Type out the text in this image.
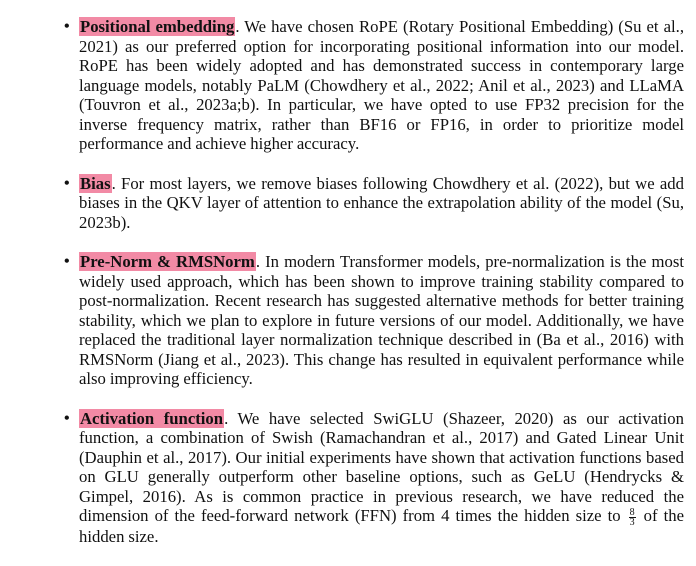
• Positional embedding. We have chosen RoPE (Rotary Positional Embedding) (Su et al., 2021) as our preferred option for incorporating positional information into our model. RoPE has been widely adopted and has demonstrated success in contemporary large language models, notably PaLM (Chowdhery et al., 2022; Anil et al., 2023) and LLaMA (Touvron et al., 2023a;b). In particular, we have opted to use FP32 precision for the inverse frequency matrix, rather than BF16 or FP16, in order to prioritize model performance and achieve higher accuracy.
• Bias. For most layers, we remove biases following Chowdhery et al. (2022), but we add biases in the QKV layer of attention to enhance the extrapolation ability of the model (Su, 2023b).
• Pre-Norm & RMSNorm. In modern Transformer models, pre-normalization is the most widely used approach, which has been shown to improve training stability compared to post-normalization. Recent research has suggested alternative methods for better training stability, which we plan to explore in future versions of our model. Additionally, we have replaced the traditional layer normalization technique described in (Ba et al., 2016) with RMSNorm (Jiang et al., 2023). This change has resulted in equivalent performance while also improving efficiency.
• Activation function. We have selected SwiGLU (Shazeer, 2020) as our activation function, a combination of Swish (Ramachandran et al., 2017) and Gated Linear Unit (Dauphin et al., 2017). Our initial experiments have shown that activation functions based on GLU generally outperform other baseline options, such as GeLU (Hendrycks & Gimpel, 2016). As is common practice in previous research, we have reduced the dimension of the feed-forward network (FFN) from 4 times the hidden size to $\frac{8}{3}$ of the hidden size.
